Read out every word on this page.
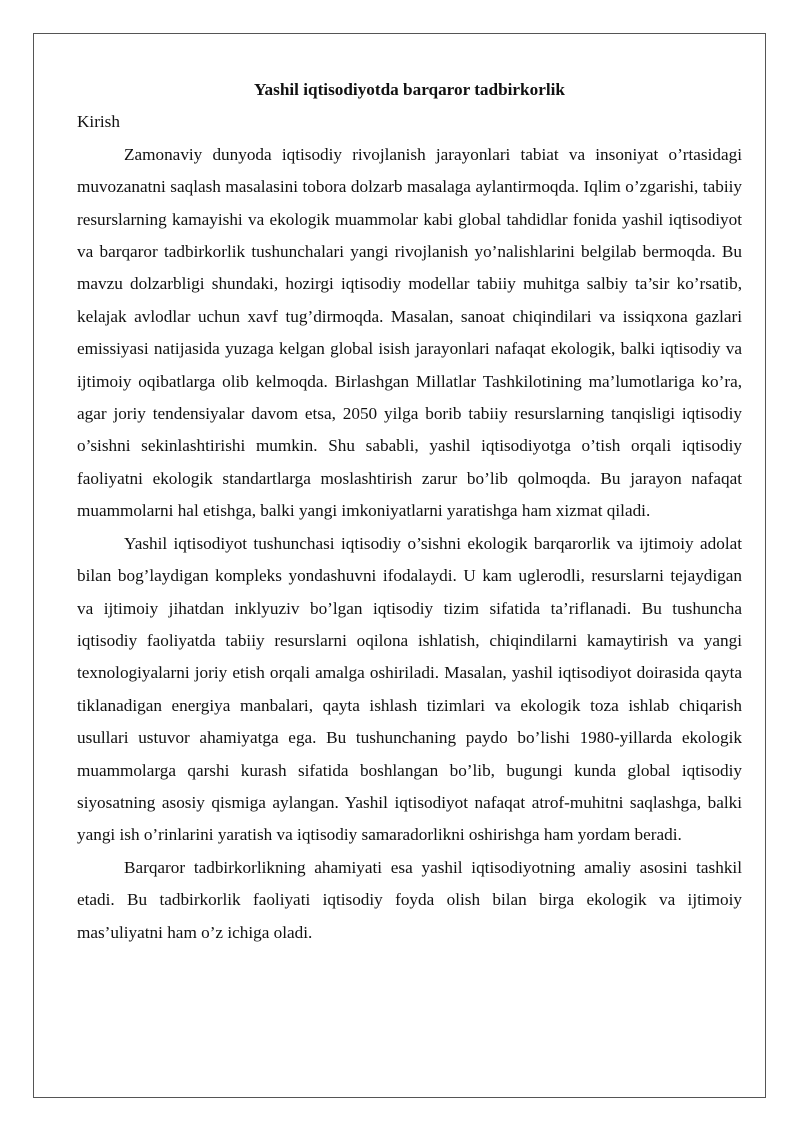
Yashil iqtisodiyotda barqaror tadbirkorlik

Kirish

Zamonaviy dunyoda iqtisodiy rivojlanish jarayonlari tabiat va insoniyat o’rtasidagi muvozanatni saqlash masalasini tobora dolzarb masalaga aylantirmoqda. Iqlim o’zgarishi, tabiiy resurslarning kamayishi va ekologik muammolar kabi global tahdidlar fonida yashil iqtisodiyot va barqaror tadbirkorlik tushunchalari yangi rivojlanish yo’nalishlarini belgilab bermoqda. Bu mavzu dolzarbligi shundaki, hozirgi iqtisodiy modellar tabiiy muhitga salbiy ta’sir ko’rsatib, kelajak avlodlar uchun xavf tug’dirmoqda. Masalan, sanoat chiqindilari va issiqxona gazlari emissiyasi natijasida yuzaga kelgan global isish jarayonlari nafaqat ekologik, balki iqtisodiy va ijtimoiy oqibatlarga olib kelmoqda. Birlashgan Millatlar Tashkilotining ma’lumotlariga ko’ra, agar joriy tendensiyalar davom etsa, 2050 yilga borib tabiiy resurslarning tanqisligi iqtisodiy o’sishni sekinlashtirishi mumkin. Shu sababli, yashil iqtisodiyotga o’tish orqali iqtisodiy faoliyatni ekologik standartlarga moslashtirish zarur bo’lib qolmoqda. Bu jarayon nafaqat muammolarni hal etishga, balki yangi imkoniyatlarni yaratishga ham xizmat qiladi.

Yashil iqtisodiyot tushunchasi iqtisodiy o’sishni ekologik barqarorlik va ijtimoiy adolat bilan bog’laydigan kompleks yondashuvni ifodalaydi. U kam uglerodli, resurslarni tejaydigan va ijtimoiy jihatdan inklyuziv bo’lgan iqtisodiy tizim sifatida ta’riflanadi. Bu tushuncha iqtisodiy faoliyatda tabiiy resurslarni oqilona ishlatish, chiqindilarni kamaytirish va yangi texnologiyalarni joriy etish orqali amalga oshiriladi. Masalan, yashil iqtisodiyot doirasida qayta tiklanadigan energiya manbalari, qayta ishlash tizimlari va ekologik toza ishlab chiqarish usullari ustuvor ahamiyatga ega. Bu tushunchaning paydo bo’lishi 1980-yillarda ekologik muammolarga qarshi kurash sifatida boshlangan bo’lib, bugungi kunda global iqtisodiy siyosatning asosiy qismiga aylangan. Yashil iqtisodiyot nafaqat atrof-muhitni saqlashga, balki yangi ish o’rinlarini yaratish va iqtisodiy samaradorlikni oshirishga ham yordam beradi.

Barqaror tadbirkorlikning ahamiyati esa yashil iqtisodiyotning amaliy asosini tashkil etadi. Bu tadbirkorlik faoliyati iqtisodiy foyda olish bilan birga ekologik va ijtimoiy mas’uliyatni ham o’z ichiga oladi.
